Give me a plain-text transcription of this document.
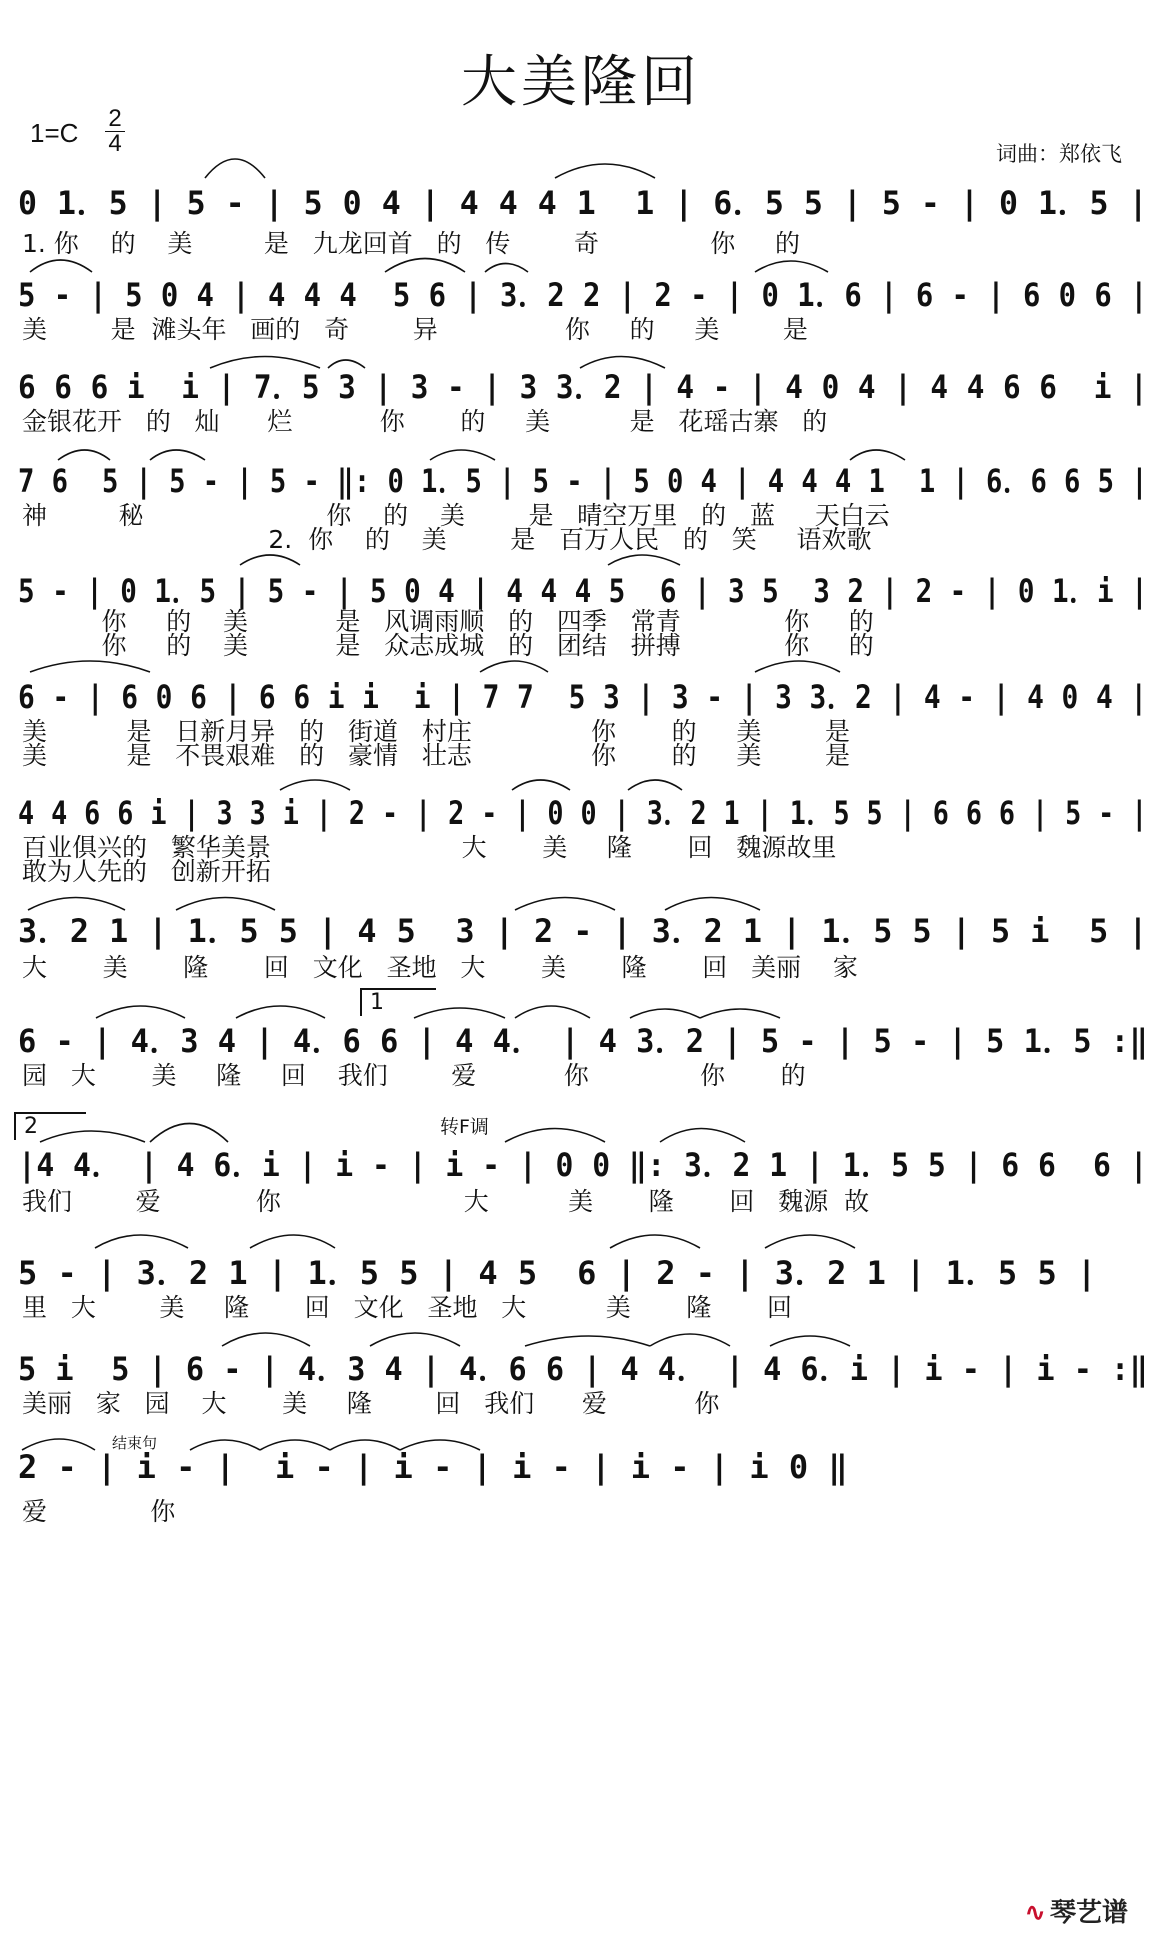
大美隆回
1=C 2
4	词曲：郑依飞
0 1．5 | 5 - | 5 0 4 | 4 4 4 1  1 | 6．5 5 | 5 - | 0 1．5 |
1. 你    的    美         是   九龙回首   的   传        奇              你     的
5 - | 5 0 4 | 4 4 4  5 6 | 3．2 2 | 2 - | 0 1．6 | 6 - | 6 0 6 |
美        是  滩头年   画的   奇        异                你     的     美        是
6 6 6 i  i | 7．5 3 | 3 - | 3 3．2 | 4 - | 4 0 4 | 4 4 6 6  i |
金银花开   的   灿      烂           你       的     美          是   花瑶古寨   的
7 6  5 | 5 - | 5 - ‖: 0 1．5 | 5 - | 5 0 4 | 4 4 4 1  1 | 6．6 6 5 |
神         秘                       你    的    美        是   晴空万里   的   蓝     天白云
2.  你    的    美        是   百万人民   的   笑     语欢歌
5 - | 0 1．5 | 5 - | 5 0 4 | 4 4 4 5  6 | 3 5  3 2 | 2 - | 0 1．i |
你     的    美           是   风调雨顺   的   四季   常青             你     的
你     的    美           是   众志成城   的   团结   拼搏             你     的
6 - | 6 0 6 | 6 6 i i  i | 7 7  5 3 | 3 - | 3 3．2 | 4 - | 4 0 4 |
美          是   日新月异   的   街道   村庄               你       的     美        是
美          是   不畏艰难   的   豪情   壮志               你       的     美        是
4 4 6 6 i | 3 3 i | 2 - | 2 - | 0 0 | 3．2 1 | 1．5 5 | 6 6 6 | 5 - |
百业俱兴的   繁华美景                        大       美     隆       回   魏源故里
敢为人先的   创新开拓
3．2 1 | 1．5 5 | 4 5  3 | 2 - | 3．2 1 | 1．5 5 | 5 i  5 |
大       美       隆       回   文化   圣地   大       美       隆       回   美丽    家
6 - | 4．3 4 | 4．6 6 | 4 4． | 4 3．2 | 5 - | 5 - | 5 1．5 :‖
园   大       美     隆     回    我们        爱           你              你       的
|4 4． | 4 6．i | i - | i - | 0 0 ‖: 3．2 1 | 1．5 5 | 6 6  6 |
我们        爱            你                       大          美       隆       回   魏源  故
5 - | 3．2 1 | 1．5 5 | 4 5  6 | 2 - | 3．2 1 | 1．5 5 |
里   大        美     隆       回   文化   圣地   大          美       隆       回
5 i  5 | 6 - | 4．3 4 | 4．6 6 | 4 4． | 4 6．i | i - | i - :‖
美丽   家   园    大       美     隆        回   我们      爱           你
2 - | i - |  i - | i - | i - | i - | i 0 ‖
爱             你
1
2	转F调
结束句
∿ 琴艺谱
